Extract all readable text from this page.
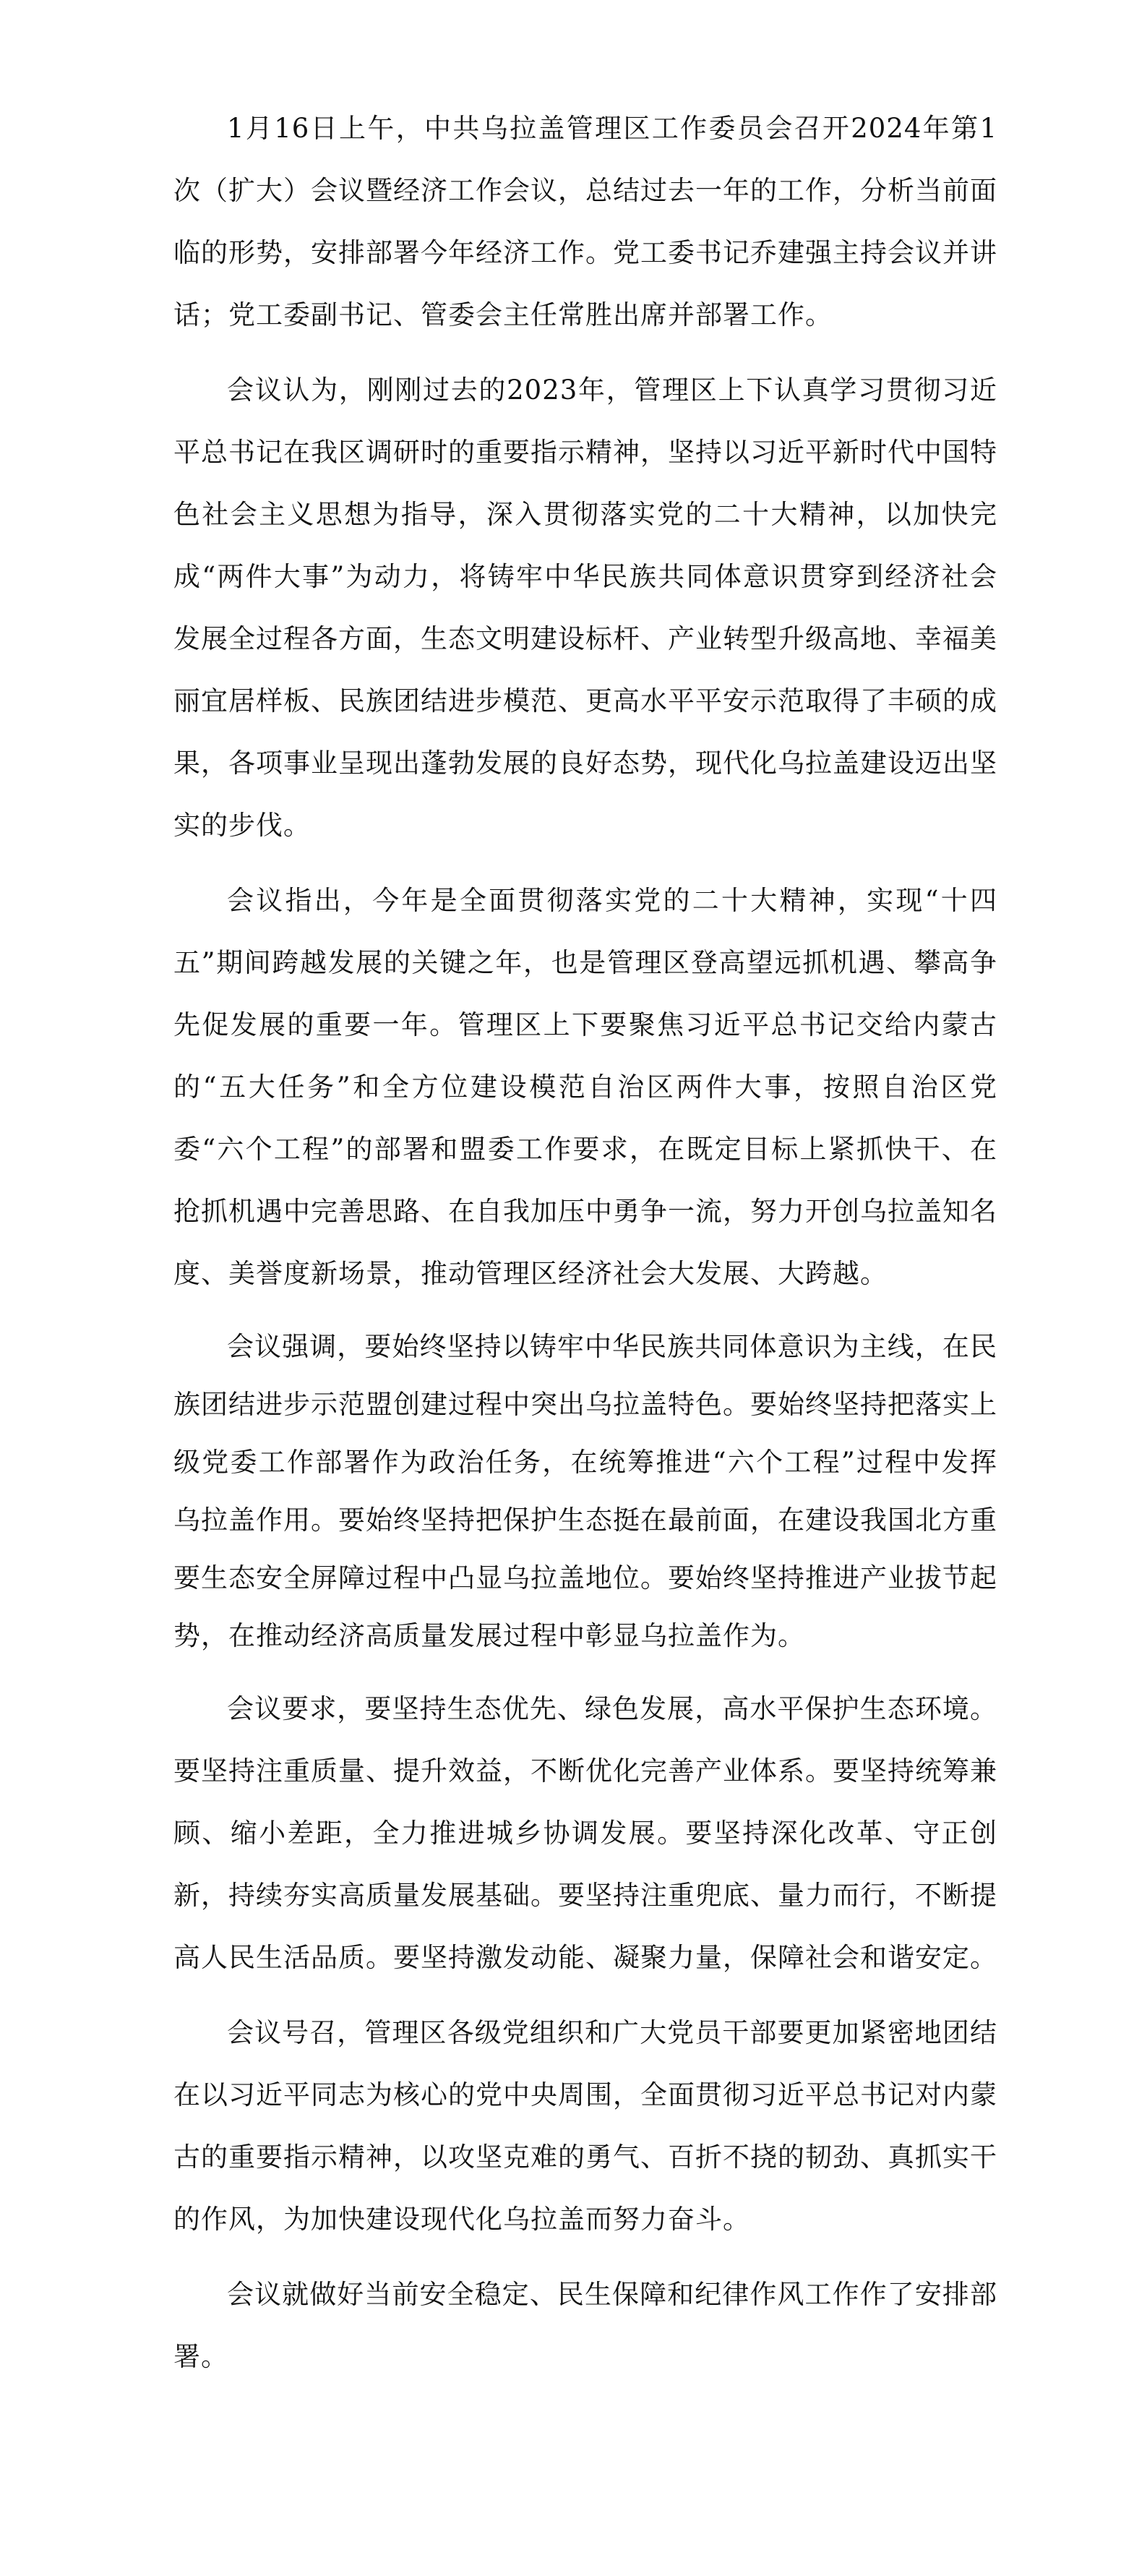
1月16日上午，中共乌拉盖管理区工作委员会召开2024年第1次（扩大）会议暨经济工作会议，总结过去一年的工作，分析当前面临的形势，安排部署今年经济工作。党工委书记乔建强主持会议并讲话；党工委副书记、管委会主任常胜出席并部署工作。

会议认为，刚刚过去的2023年，管理区上下认真学习贯彻习近平总书记在我区调研时的重要指示精神，坚持以习近平新时代中国特色社会主义思想为指导，深入贯彻落实党的二十大精神，以加快完成“两件大事”为动力，将铸牢中华民族共同体意识贯穿到经济社会发展全过程各方面，生态文明建设标杆、产业转型升级高地、幸福美丽宜居样板、民族团结进步模范、更高水平平安示范取得了丰硕的成果，各项事业呈现出蓬勃发展的良好态势，现代化乌拉盖建设迈出坚实的步伐。

会议指出，今年是全面贯彻落实党的二十大精神，实现“十四五”期间跨越发展的关键之年，也是管理区登高望远抓机遇、攀高争先促发展的重要一年。管理区上下要聚焦习近平总书记交给内蒙古的“五大任务”和全方位建设模范自治区两件大事，按照自治区党委“六个工程”的部署和盟委工作要求，在既定目标上紧抓快干、在抢抓机遇中完善思路、在自我加压中勇争一流，努力开创乌拉盖知名度、美誉度新场景，推动管理区经济社会大发展、大跨越。

会议强调，要始终坚持以铸牢中华民族共同体意识为主线，在民族团结进步示范盟创建过程中突出乌拉盖特色。要始终坚持把落实上级党委工作部署作为政治任务，在统筹推进“六个工程”过程中发挥乌拉盖作用。要始终坚持把保护生态挺在最前面，在建设我国北方重要生态安全屏障过程中凸显乌拉盖地位。要始终坚持推进产业拔节起势，在推动经济高质量发展过程中彰显乌拉盖作为。

会议要求，要坚持生态优先、绿色发展，高水平保护生态环境。要坚持注重质量、提升效益，不断优化完善产业体系。要坚持统筹兼顾、缩小差距，全力推进城乡协调发展。要坚持深化改革、守正创新，持续夯实高质量发展基础。要坚持注重兜底、量力而行，不断提高人民生活品质。要坚持激发动能、凝聚力量，保障社会和谐安定。

会议号召，管理区各级党组织和广大党员干部要更加紧密地团结在以习近平同志为核心的党中央周围，全面贯彻习近平总书记对内蒙古的重要指示精神，以攻坚克难的勇气、百折不挠的韧劲、真抓实干的作风，为加快建设现代化乌拉盖而努力奋斗。

会议就做好当前安全稳定、民生保障和纪律作风工作作了安排部署。
